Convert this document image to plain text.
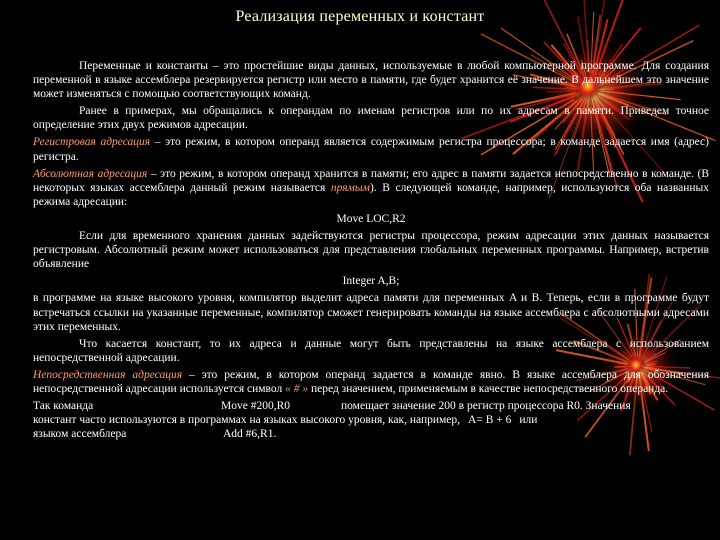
Реализация переменных и констант

Переменные и константы – это простейшие виды данных, используемые в любой компьютерной программе. Для создания переменной в языке ассемблера резервируется регистр или место в памяти, где будет хранится её значение. В дальнейшем это значение может изменяться с помощью соответствующих команд.

Ранее в примерах, мы обращались к операндам по именам регистров или по их адресам в памяти. Приведем точное определение этих двух режимов адресации.

Регистровая адресация – это режим, в котором операнд является содержимым регистра процессора; в команде задается имя (адрес) регистра.

Абсолютная адресация – это режим, в котором операнд хранится в памяти; его адрес в памяти задается непосредственно в команде. (В некоторых языках ассемблера данный режим называется прямым). В следующей команде, например, используются оба названных режима адресации:

Move LOC,R2

Если для временного хранения данных задействуются регистры процессора, режим адресации этих данных называется регистровым. Абсолютный режим может использоваться для представления глобальных переменных программы. Например, встретив объявление

Integer A,B;

в программе на языке высокого уровня, компилятор выделит адреса памяти для переменных A и B. Теперь, если в программе будут встречаться ссылки на указанные переменные, компилятор сможет генерировать команды на языке ассемблера с абсолютными адресами этих переменных.

Что касается констант, то их адреса и данные могут быть представлены на языке ассемблера с использованием непосредственной адресации.

Непосредственная адресация – это режим, в котором операнд задается в команде явно. В языке ассемблера для обозначения непосредственной адресации используется символ « # » перед значением, применяемым в качестве непосредственного операнда.

Так команда	Move #200,R0	помещает значение 200 в регистр процессора R0. Значения
констант часто используются в программах на языках высокого уровня, как, например, A= B + 6 или
языком ассемблера	Add #6,R1.
